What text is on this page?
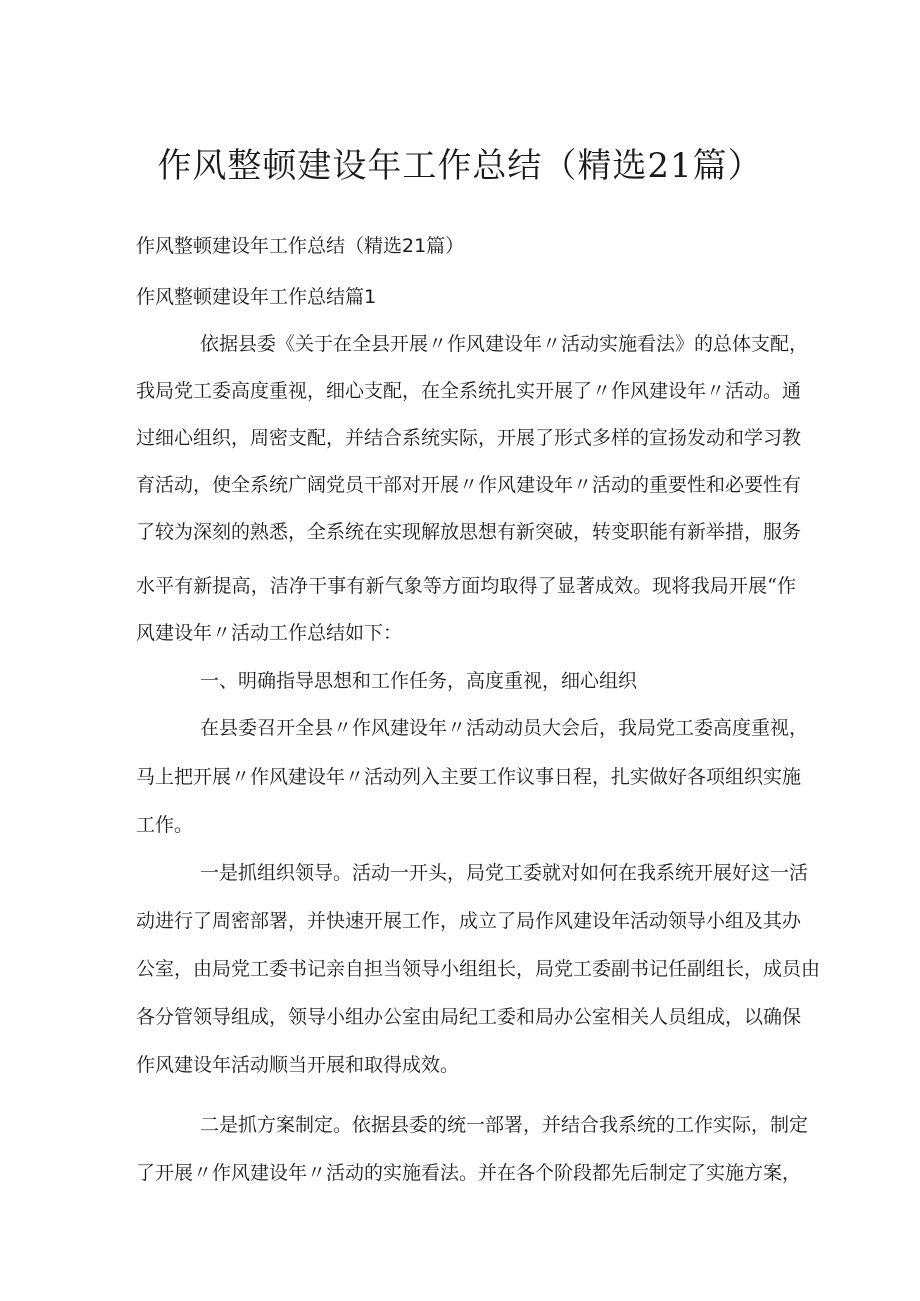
作风整顿建设年工作总结（精选21篇）
作风整顿建设年工作总结（精选21篇）
作风整顿建设年工作总结篇1
依据县委《关于在全县开展〃作风建设年〃活动实施看法》的总体支配，
我局党工委高度重视，细心支配，在全系统扎实开展了〃作风建设年〃活动。通
过细心组织，周密支配，并结合系统实际，开展了形式多样的宣扬发动和学习教
育活动，使全系统广阔党员干部对开展〃作风建设年〃活动的重要性和必要性有
了较为深刻的熟悉，全系统在实现解放思想有新突破，转变职能有新举措，服务
水平有新提高，洁净干事有新气象等方面均取得了显著成效。现将我局开展“作
风建设年〃活动工作总结如下：
一、明确指导思想和工作任务，高度重视，细心组织
在县委召开全县〃作风建设年〃活动动员大会后，我局党工委高度重视，
马上把开展〃作风建设年〃活动列入主要工作议事日程，扎实做好各项组织实施
工作。
一是抓组织领导。活动一开头，局党工委就对如何在我系统开展好这一活
动进行了周密部署，并快速开展工作，成立了局作风建设年活动领导小组及其办
公室，由局党工委书记亲自担当领导小组组长，局党工委副书记任副组长，成员由
各分管领导组成，领导小组办公室由局纪工委和局办公室相关人员组成，以确保
作风建设年活动顺当开展和取得成效。
二是抓方案制定。依据县委的统一部署，并结合我系统的工作实际，制定
了开展〃作风建设年〃活动的实施看法。并在各个阶段都先后制定了实施方案，
